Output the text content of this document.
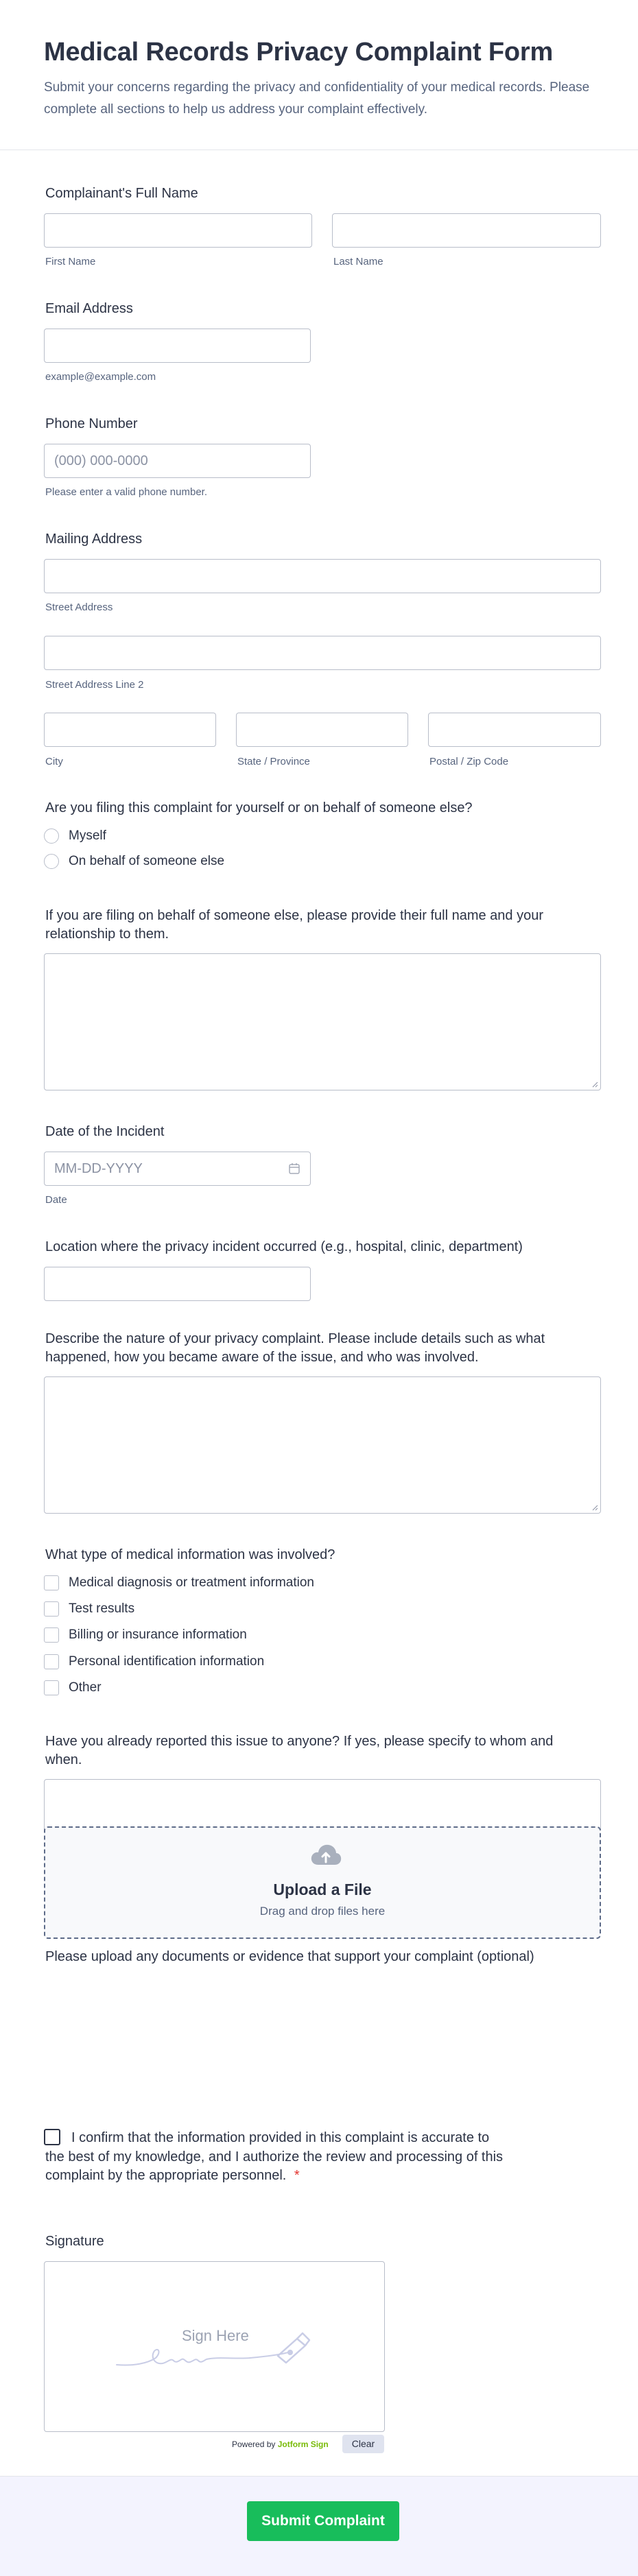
Medical Records Privacy Complaint Form

Submit your concerns regarding the privacy and confidentiality of your medical records. Please complete all sections to help us address your complaint effectively.

Complainant's Full Name
First Name	Last Name
Email Address
example@example.com
Phone Number
(000) 000-0000
Please enter a valid phone number.
Mailing Address
Street Address
Street Address Line 2
City	State / Province	Postal / Zip Code
Are you filing this complaint for yourself or on behalf of someone else?
Myself
On behalf of someone else
If you are filing on behalf of someone else, please provide their full name and your
relationship to them.
Date of the Incident
MM-DD-YYYY
Date
Location where the privacy incident occurred (e.g., hospital, clinic, department)
Describe the nature of your privacy complaint. Please include details such as what
happened, how you became aware of the issue, and who was involved.
What type of medical information was involved?
Medical diagnosis or treatment information
Test results
Billing or insurance information
Personal identification information
Other
Have you already reported this issue to anyone? If yes, please specify to whom and
when.
Please upload any documents or evidence that support your complaint (optional)
Upload a File
Drag and drop files here
I confirm that the information provided in this complaint is accurate to
the best of my knowledge, and I authorize the review and processing of this
complaint by the appropriate personnel. *
Signature
Sign Here
Powered by Jotform Sign	Clear
Submit Complaint
